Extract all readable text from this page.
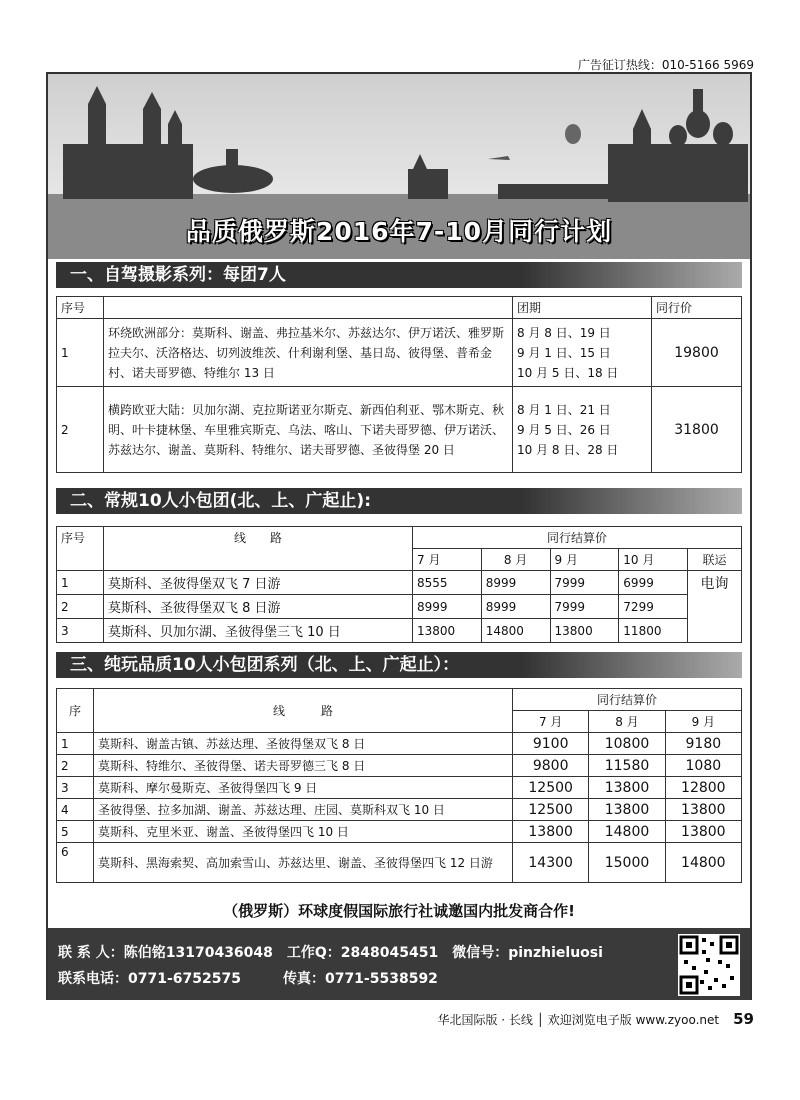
广告征订热线：010-5166 5969
品质俄罗斯2016年7-10月同行计划
一、自驾摄影系列：每团7人
序号		团期	同行价
1	环绕欧洲部分：莫斯科、谢盖、弗拉基米尔、苏兹达尔、伊万诺沃、雅罗斯拉夫尔、沃洛格达、切列波维茨、什利谢利堡、基日岛、彼得堡、普希金村、诺夫哥罗德、特维尔 13 日	8 月 8 日、19 日
9 月 1 日、15 日
10 月 5 日、18 日	19800
2	横跨欧亚大陆：贝加尔湖、克拉斯诺亚尔斯克、新西伯利亚、鄂木斯克、秋明、叶卡捷林堡、车里雅宾斯克、乌法、喀山、下诺夫哥罗德、伊万诺沃、苏兹达尔、谢盖、莫斯科、特维尔、诺夫哥罗德、圣彼得堡 20 日	8 月 1 日、21 日
9 月 5 日、26 日
10 月 8 日、28 日	31800
二、常规10人小包团(北、上、广起止):
序号	线　　路	同行结算价				
		7 月	8 月	9 月	10 月	联运
1	莫斯科、圣彼得堡双飞 7 日游	8555	8999	7999	6999	电询
2	莫斯科、圣彼得堡双飞 8 日游	8999	8999	7999	7299	
3	莫斯科、贝加尔湖、圣彼得堡三飞 10 日	13800	14800	13800	11800	
三、纯玩品质10人小包团系列（北、上、广起止）：
序	线　　　路	同行结算价		
		7 月	8 月	9 月
1	莫斯科、谢盖古镇、苏兹达理、圣彼得堡双飞 8 日	9100	10800	9180
2	莫斯科、特维尔、圣彼得堡、诺夫哥罗德三飞 8 日	9800	11580	1080
3	莫斯科、摩尔曼斯克、圣彼得堡四飞 9 日	12500	13800	12800
4	圣彼得堡、拉多加湖、谢盖、苏兹达理、庄园、莫斯科双飞 10 日	12500	13800	13800
5	莫斯科、克里米亚、谢盖、圣彼得堡四飞 10 日	13800	14800	13800
6	莫斯科、黑海索契、高加索雪山、苏兹达里、谢盖、圣彼得堡四飞 12 日游	14300	15000	14800
（俄罗斯）环球度假国际旅行社诚邀国内批发商合作!
联 系 人：陈伯铭13170436048　工作Q：2848045451　微信号：pinzhieluosi
联系电话：0771-6752575　　　传真：0771-5538592
华北国际版 · 长线 │ 欢迎浏览电子版 www.zyoo.net 59
